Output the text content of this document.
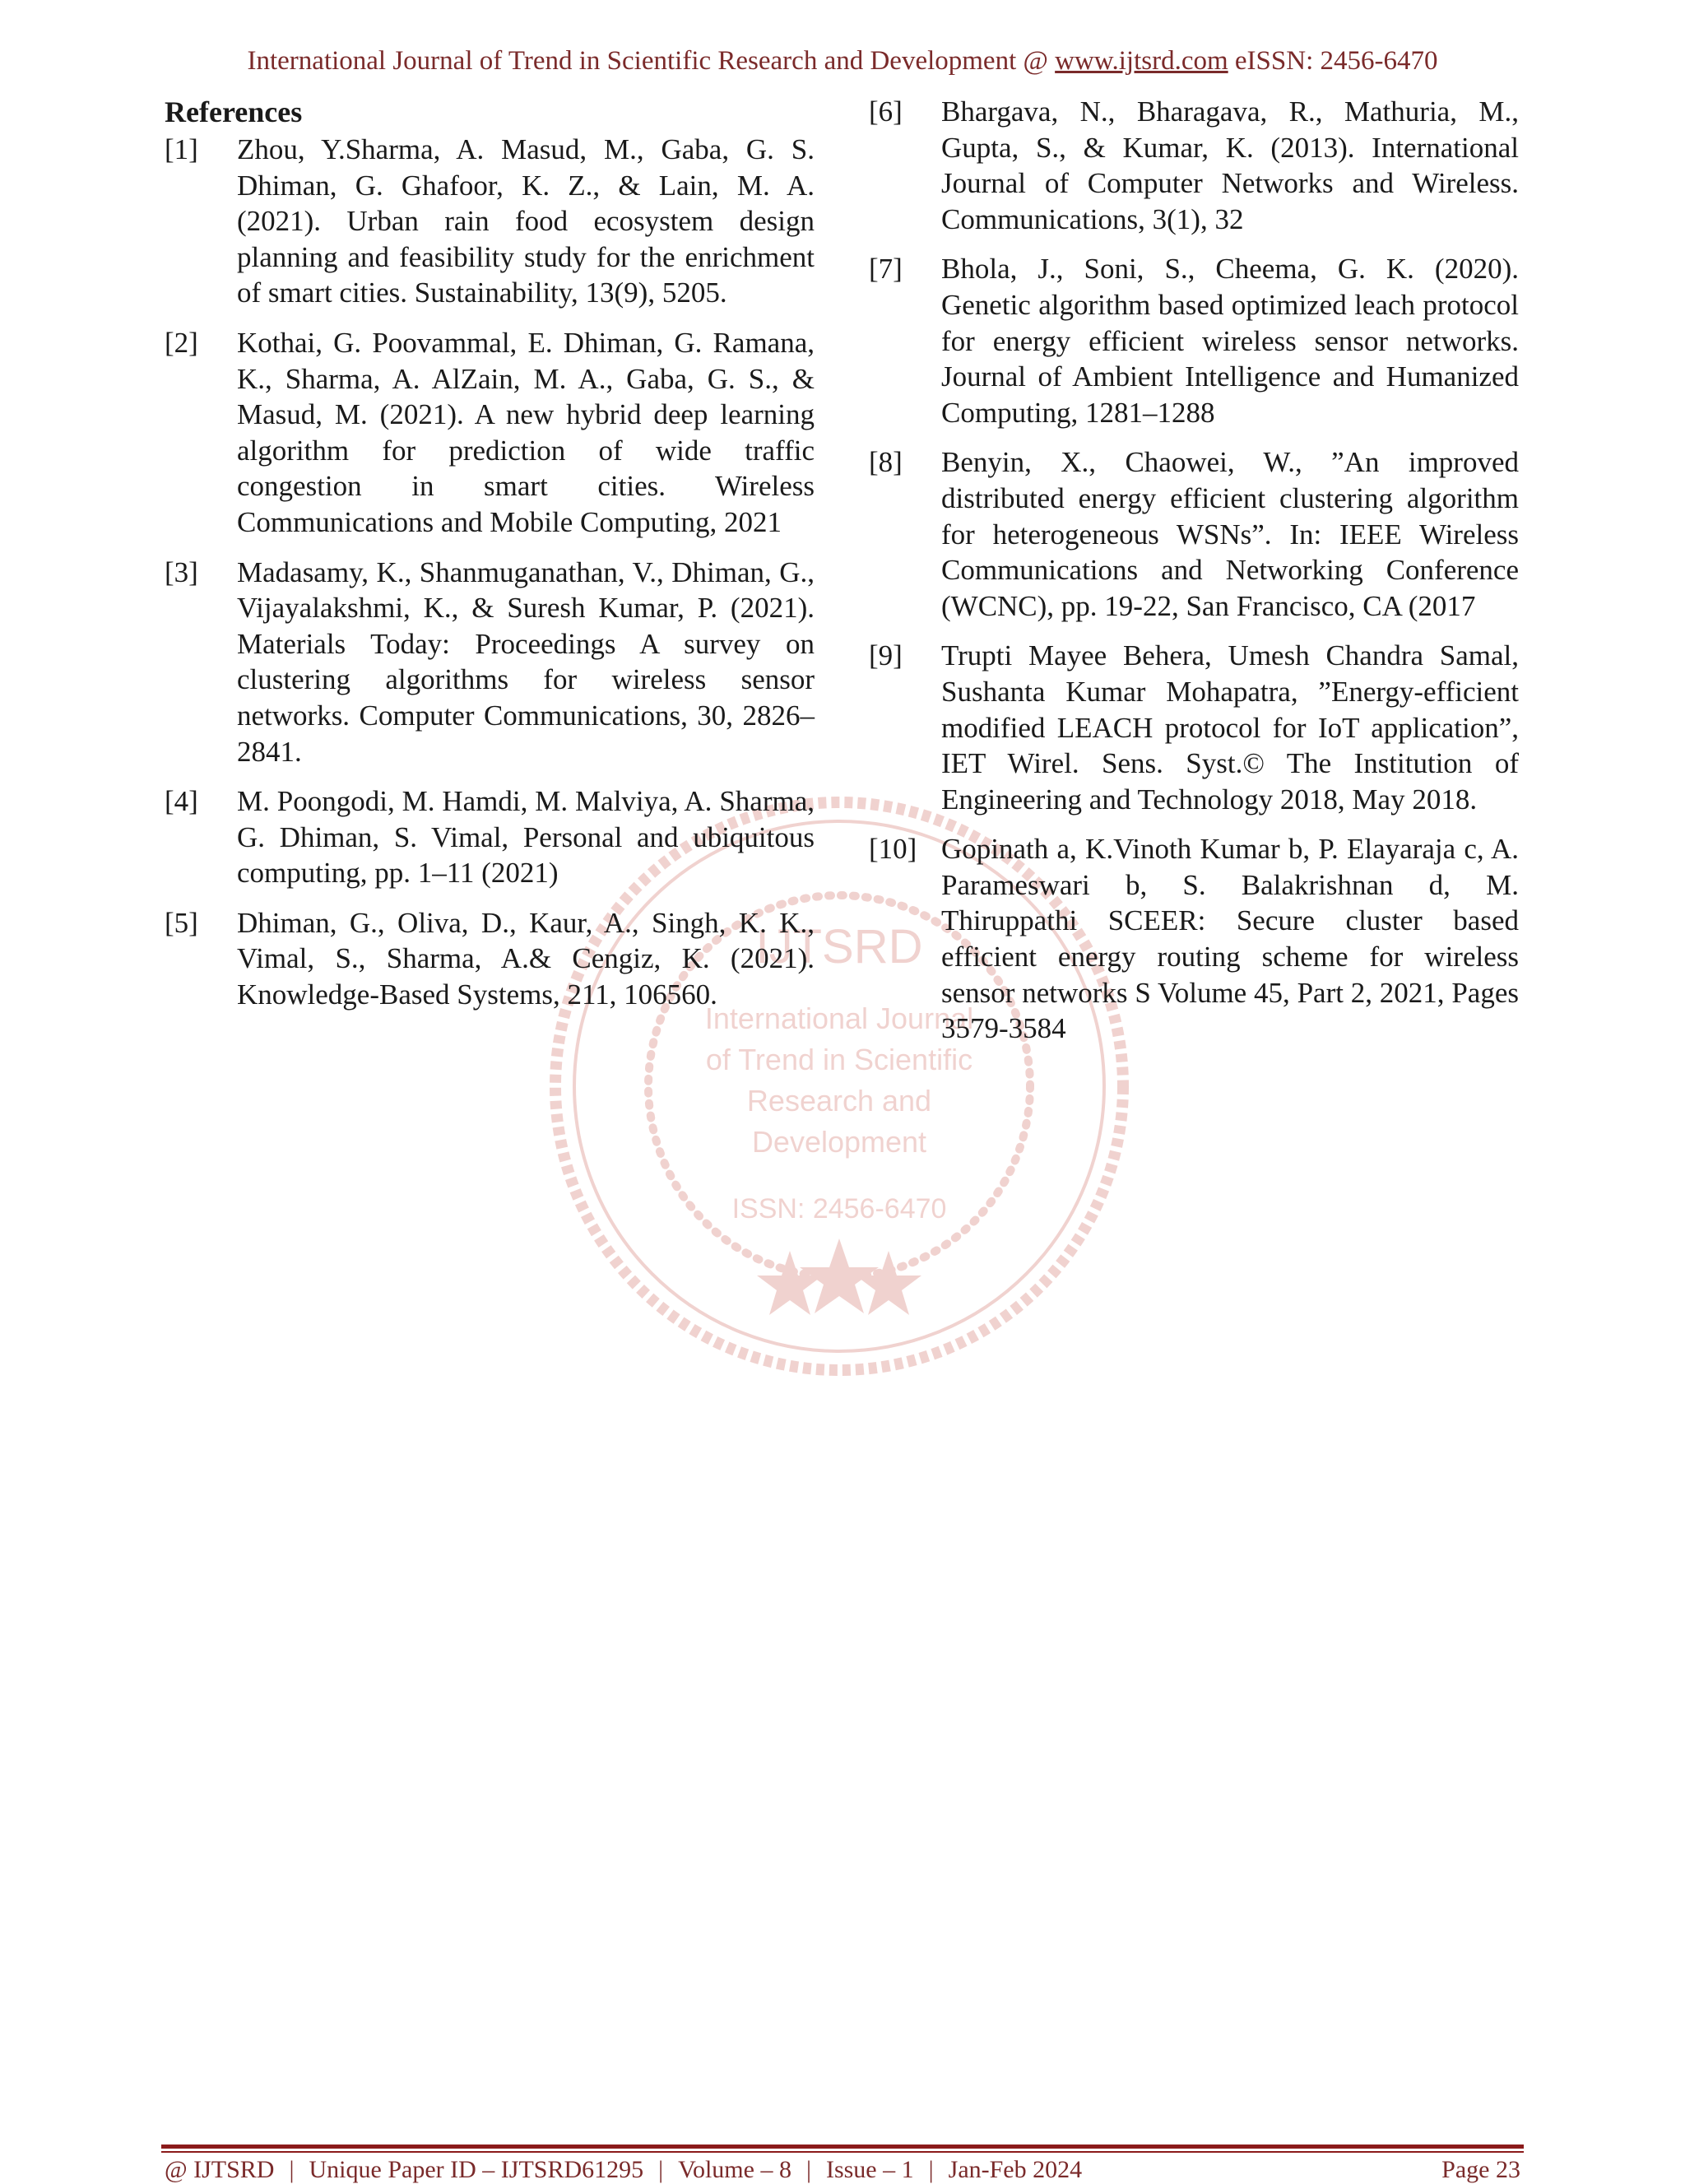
International Journal of Trend in Scientific Research and Development @ www.ijtsrd.com eISSN: 2456-6470
IJTSRD
International Journal
of Trend in Scientific
Research and
Development
ISSN: 2456-6470
References
[1]	Zhou, Y.Sharma, A. Masud, M., Gaba, G. S. Dhiman, G. Ghafoor, K. Z., & Lain, M. A. (2021). Urban rain food ecosystem design planning and feasibility study for the enrichment of smart cities. Sustainability, 13(9), 5205.
[2]	Kothai, G. Poovammal, E. Dhiman, G. Ramana, K., Sharma, A. AlZain, M. A., Gaba, G. S., & Masud, M. (2021). A new hybrid deep learning algorithm for prediction of wide traffic congestion in smart cities. Wireless Communications and Mobile Computing, 2021
[3]	Madasamy, K., Shanmuganathan, V., Dhiman, G., Vijayalakshmi, K., & Suresh Kumar, P. (2021). Materials Today: Proceedings A survey on clustering algorithms for wireless sensor networks. Computer Communications, 30, 2826–2841.
[4]	M. Poongodi, M. Hamdi, M. Malviya, A. Sharma, G. Dhiman, S. Vimal, Personal and ubiquitous computing, pp. 1–11 (2021)
[5]	Dhiman, G., Oliva, D., Kaur, A., Singh, K. K., Vimal, S., Sharma, A.& Cengiz, K. (2021). Knowledge-Based Systems, 211, 106560.
[6]	Bhargava, N., Bharagava, R., Mathuria, M., Gupta, S., & Kumar, K. (2013). International Journal of Computer Networks and Wireless. Communications, 3(1), 32
[7]	Bhola, J., Soni, S., Cheema, G. K. (2020). Genetic algorithm based optimized leach protocol for energy efficient wireless sensor networks. Journal of Ambient Intelligence and Humanized Computing, 1281–1288
[8]	Benyin, X., Chaowei, W., ”An improved distributed energy efficient clustering algorithm for heterogeneous WSNs”. In: IEEE Wireless Communications and Networking Conference (WCNC), pp. 19-22, San Francisco, CA (2017
[9]	Trupti Mayee Behera, Umesh Chandra Samal, Sushanta Kumar Mohapatra, ”Energy-efficient modified LEACH protocol for IoT application”, IET Wirel. Sens. Syst.© The Institution of Engineering and Technology 2018, May 2018.
[10] Gopinath a, K.Vinoth Kumar b, P. Elayaraja c, A. Parameswari b, S. Balakrishnan d, M. Thiruppathi SCEER: Secure cluster based efficient energy routing scheme for wireless sensor networks S Volume 45, Part 2, 2021, Pages 3579-3584
@ IJTSRD | Unique Paper ID – IJTSRD61295 | Volume – 8 | Issue – 1 | Jan-Feb 2024	Page 23
